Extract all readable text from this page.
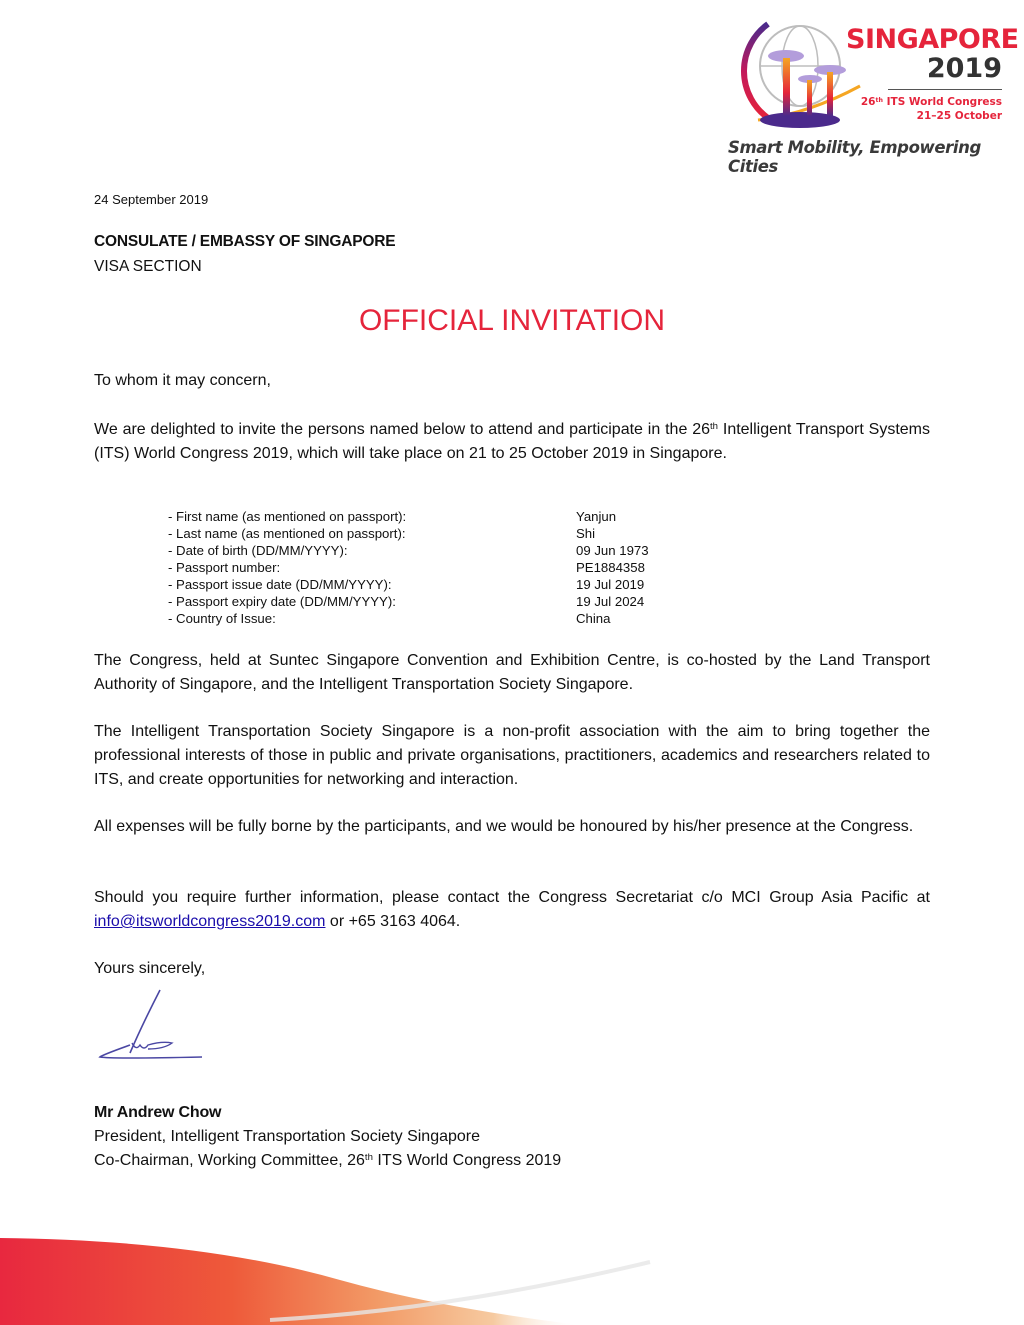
SINGAPORE
2019
26th ITS World Congress
21–25 October
Smart Mobility, Empowering Cities
24 September 2019
CONSULATE / EMBASSY OF SINGAPORE
VISA SECTION
OFFICIAL INVITATION
To whom it may concern,
We are delighted to invite the persons named below to attend and participate in the 26th Intelligent Transport Systems (ITS) World Congress 2019, which will take place on 21 to 25 October 2019 in Singapore.
- First name (as mentioned on passport):	Yanjun
- Last name (as mentioned on passport):	Shi
- Date of birth (DD/MM/YYYY):	09 Jun 1973
- Passport number:	PE1884358
- Passport issue date (DD/MM/YYYY):	19 Jul 2019
- Passport expiry date (DD/MM/YYYY):	19 Jul 2024
- Country of Issue:	China
The Congress, held at Suntec Singapore Convention and Exhibition Centre, is co-hosted by the Land Transport Authority of Singapore, and the Intelligent Transportation Society Singapore.
The Intelligent Transportation Society Singapore is a non-profit association with the aim to bring together the professional interests of those in public and private organisations, practitioners, academics and researchers related to ITS, and create opportunities for networking and interaction.
All expenses will be fully borne by the participants, and we would be honoured by his/her presence at the Congress.
Should you require further information, please contact the Congress Secretariat c/o MCI Group Asia Pacific at info@itsworldcongress2019.com or +65 3163 4064.
Yours sincerely,
Mr Andrew Chow
President, Intelligent Transportation Society Singapore
Co-Chairman, Working Committee, 26th ITS World Congress 2019
